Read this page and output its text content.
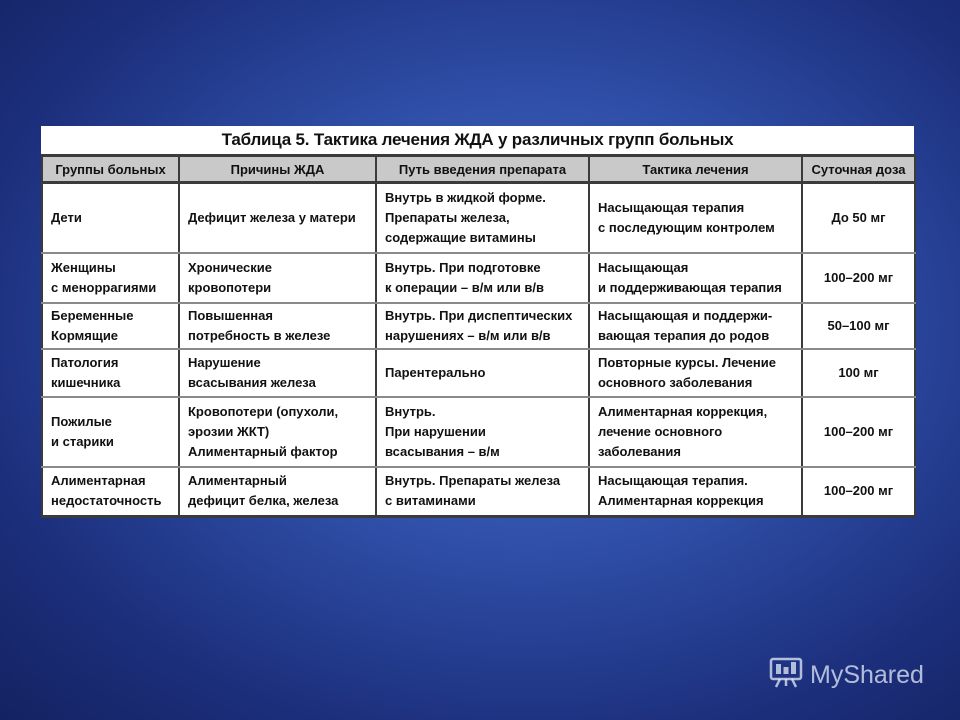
Таблица 5. Тактика лечения ЖДА у различных групп больных
Группы больных	Причины ЖДА	Путь введения препарата	Тактика лечения	Суточная доза

Дети	Дефицит железа у матери	Внутрь в жидкой форме.
Препараты железа,
содержащие витамины	Насыщающая терапия
с последующим контролем	До 50 мг

Женщины
с меноррагиями	Хронические
кровопотери	Внутрь. При подготовке
к операции – в/м или в/в	Насыщающая
и поддерживающая терапия	100–200 мг

Беременные
Кормящие	Повышенная
потребность в железе	Внутрь. При диспептических
нарушениях – в/м или в/в	Насыщающая и поддержи-
вающая терапия до родов	50–100 мг

Патология
кишечника	Нарушение
всасывания железа	Парентерально	Повторные курсы. Лечение
основного заболевания	100 мг

Пожилые
и старики	Кровопотери (опухоли,
эрозии ЖКТ)
Алиментарный фактор	Внутрь.
При нарушении
всасывания – в/м	Алиментарная коррекция,
лечение основного
заболевания	100–200 мг

Алиментарная
недостаточность	Алиментарный
дефицит белка, железа	Внутрь. Препараты железа
с витаминами	Насыщающая терапия.
Алиментарная коррекция	100–200 мг
MyShared
